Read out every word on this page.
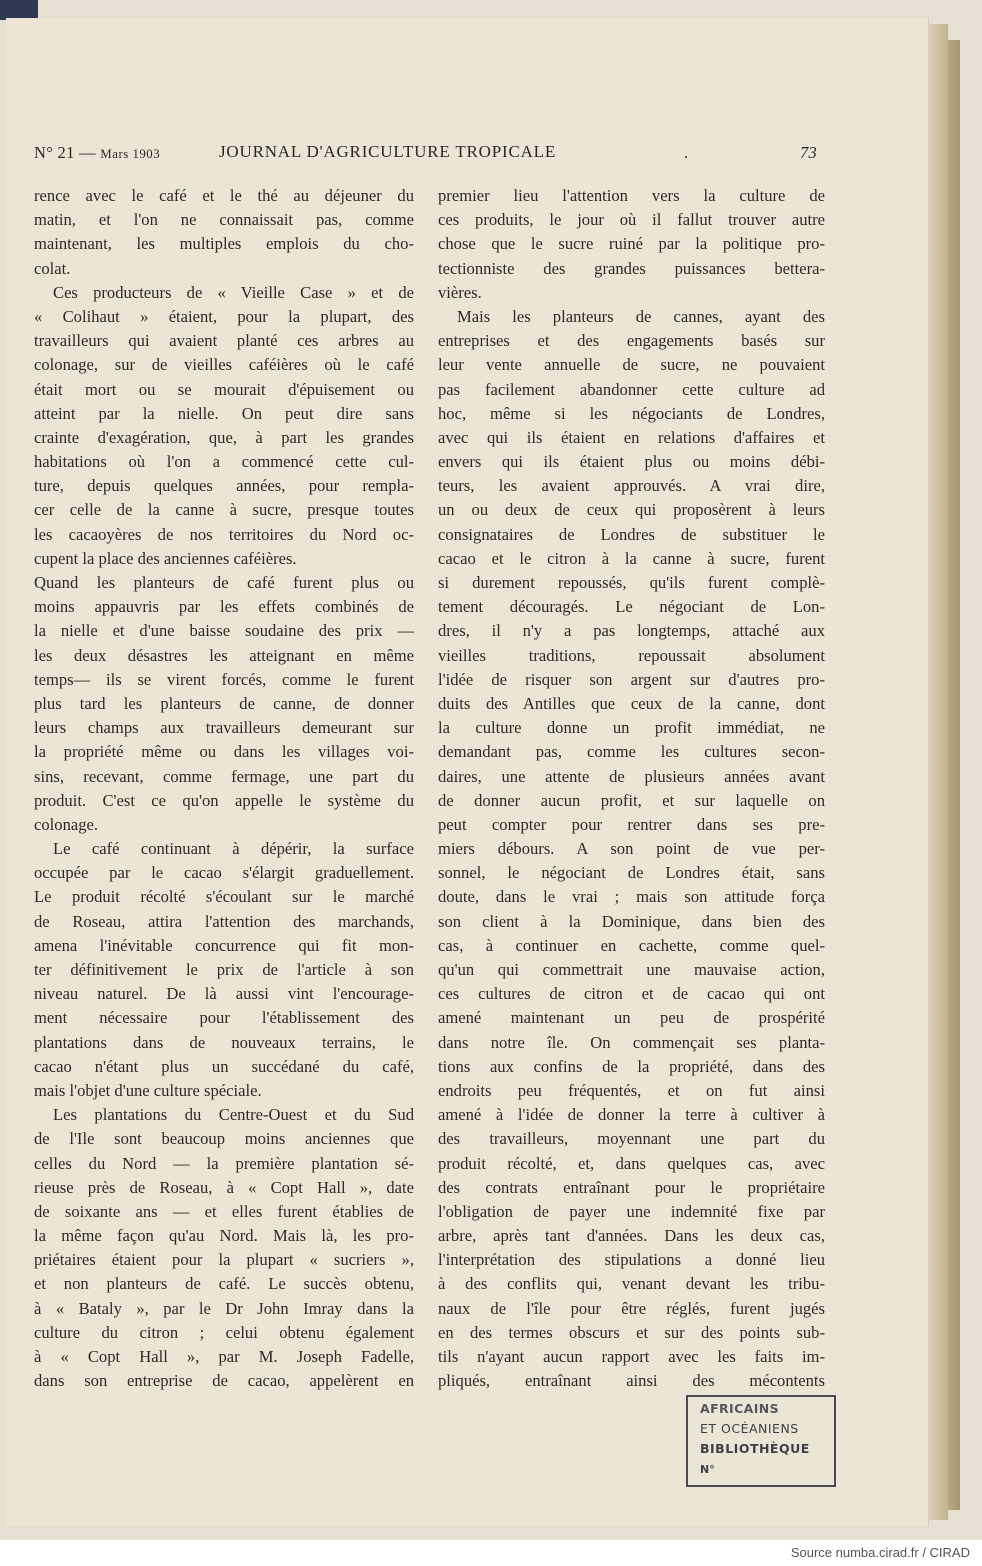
N° 21 — Mars 1903	JOURNAL D'AGRICULTURE TROPICALE	.	73
rence avec le café et le thé au déjeuner du
matin, et l'on ne connaissait pas, comme
maintenant, les multiples emplois du cho-
colat.
Ces producteurs de « Vieille Case » et de
« Colihaut » étaient, pour la plupart, des
travailleurs qui avaient planté ces arbres au
colonage, sur de vieilles caféières où le café
était mort ou se mourait d'épuisement ou
atteint par la nielle. On peut dire sans
crainte d'exagération, que, à part les grandes
habitations où l'on a commencé cette cul-
ture, depuis quelques années, pour rempla-
cer celle de la canne à sucre, presque toutes
les cacaoyères de nos territoires du Nord oc-
cupent la place des anciennes caféières.
Quand les planteurs de café furent plus ou
moins appauvris par les effets combinés de
la nielle et d'une baisse soudaine des prix —
les deux désastres les atteignant en même
temps— ils se virent forcés, comme le furent
plus tard les planteurs de canne, de donner
leurs champs aux travailleurs demeurant sur
la propriété même ou dans les villages voi-
sins, recevant, comme fermage, une part du
produit. C'est ce qu'on appelle le système du
colonage.
Le café continuant à dépérir, la surface
occupée par le cacao s'élargit graduellement.
Le produit récolté s'écoulant sur le marché
de Roseau, attira l'attention des marchands,
amena l'inévitable concurrence qui fit mon-
ter définitivement le prix de l'article à son
niveau naturel. De là aussi vint l'encourage-
ment nécessaire pour l'établissement des
plantations dans de nouveaux terrains, le
cacao n'étant plus un succédané du café,
mais l'objet d'une culture spéciale.
Les plantations du Centre-Ouest et du Sud
de l'Ile sont beaucoup moins anciennes que
celles du Nord — la première plantation sé-
rieuse près de Roseau, à « Copt Hall », date
de soixante ans — et elles furent établies de
la même façon qu'au Nord. Mais là, les pro-
priétaires étaient pour la plupart « sucriers »,
et non planteurs de café. Le succès obtenu,
à « Bataly », par le Dr John Imray dans la
culture du citron ; celui obtenu également
à « Copt Hall », par M. Joseph Fadelle,
dans son entreprise de cacao, appelèrent en
premier lieu l'attention vers la culture de
ces produits, le jour où il fallut trouver autre
chose que le sucre ruiné par la politique pro-
tectionniste des grandes puissances bettera-
vières.
Mais les planteurs de cannes, ayant des
entreprises et des engagements basés sur
leur vente annuelle de sucre, ne pouvaient
pas facilement abandonner cette culture ad
hoc, même si les négociants de Londres,
avec qui ils étaient en relations d'affaires et
envers qui ils étaient plus ou moins débi-
teurs, les avaient approuvés. A vrai dire,
un ou deux de ceux qui proposèrent à leurs
consignataires de Londres de substituer le
cacao et le citron à la canne à sucre, furent
si durement repoussés, qu'ils furent complè-
tement découragés. Le négociant de Lon-
dres, il n'y a pas longtemps, attaché aux
vieilles traditions, repoussait absolument
l'idée de risquer son argent sur d'autres pro-
duits des Antilles que ceux de la canne, dont
la culture donne un profit immédiat, ne
demandant pas, comme les cultures secon-
daires, une attente de plusieurs années avant
de donner aucun profit, et sur laquelle on
peut compter pour rentrer dans ses pre-
miers débours. A son point de vue per-
sonnel, le négociant de Londres était, sans
doute, dans le vrai ; mais son attitude força
son client à la Dominique, dans bien des
cas, à continuer en cachette, comme quel-
qu'un qui commettrait une mauvaise action,
ces cultures de citron et de cacao qui ont
amené maintenant un peu de prospérité
dans notre île. On commençait ses planta-
tions aux confins de la propriété, dans des
endroits peu fréquentés, et on fut ainsi
amené à l'idée de donner la terre à cultiver à
des travailleurs, moyennant une part du
produit récolté, et, dans quelques cas, avec
des contrats entraînant pour le propriétaire
l'obligation de payer une indemnité fixe par
arbre, après tant d'années. Dans les deux cas,
l'interprétation des stipulations a donné lieu
à des conflits qui, venant devant les tribu-
naux de l'île pour être réglés, furent jugés
en des termes obscurs et sur des points sub-
tils n'ayant aucun rapport avec les faits im-
pliqués, entraînant ainsi des mécontents
AFRICAINS
ET OCÉANIENS
BIBLIOTHÈQUE
N°
Source numba.cirad.fr / CIRAD
